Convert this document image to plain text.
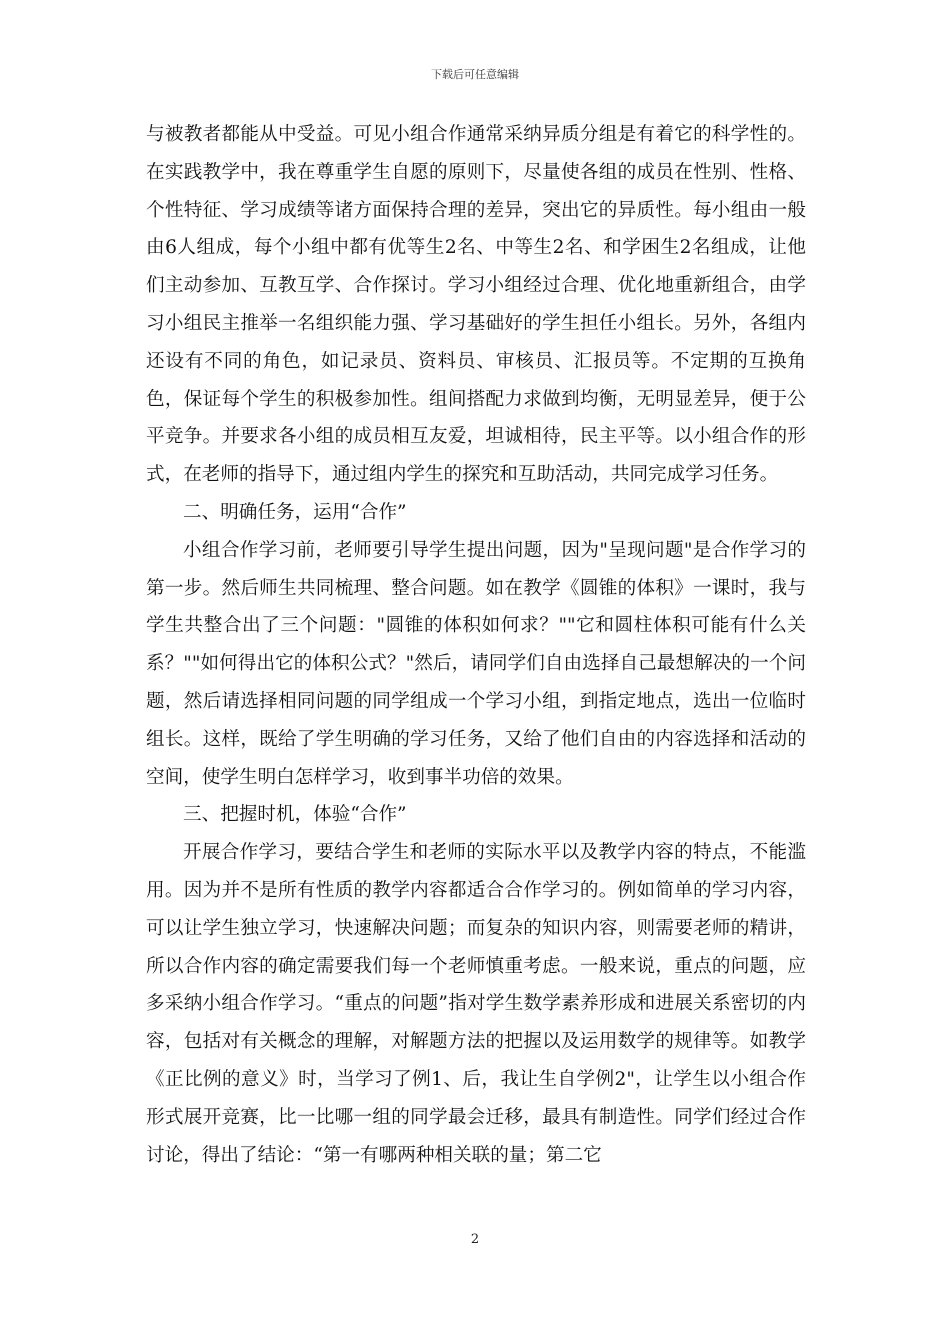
下载后可任意编辑

与被教者都能从中受益。可见小组合作通常采纳异质分组是有着它的科学性的。在实践教学中，我在尊重学生自愿的原则下，尽量使各组的成员在性别、性格、个性特征、学习成绩等诸方面保持合理的差异，突出它的异质性。每小组由一般由6人组成，每个小组中都有优等生2名、中等生2名、和学困生2名组成，让他们主动参加、互教互学、合作探讨。学习小组经过合理、优化地重新组合，由学习小组民主推举一名组织能力强、学习基础好的学生担任小组长。另外，各组内还设有不同的角色，如记录员、资料员、审核员、汇报员等。不定期的互换角色，保证每个学生的积极参加性。组间搭配力求做到均衡，无明显差异，便于公平竞争。并要求各小组的成员相互友爱，坦诚相待，民主平等。以小组合作的形式，在老师的指导下，通过组内学生的探究和互助活动，共同完成学习任务。

二、明确任务，运用“合作”

小组合作学习前，老师要引导学生提出问题，因为"呈现问题"是合作学习的第一步。然后师生共同梳理、整合问题。如在教学《圆锥的体积》一课时，我与学生共整合出了三个问题："圆锥的体积如何求？""它和圆柱体积可能有什么关系？""如何得出它的体积公式？"然后，请同学们自由选择自己最想解决的一个问题，然后请选择相同问题的同学组成一个学习小组，到指定地点，选出一位临时组长。这样，既给了学生明确的学习任务，又给了他们自由的内容选择和活动的空间，使学生明白怎样学习，收到事半功倍的效果。

三、把握时机，体验“合作”

开展合作学习，要结合学生和老师的实际水平以及教学内容的特点，不能滥用。因为并不是所有性质的教学内容都适合合作学习的。例如简单的学习内容，可以让学生独立学习，快速解决问题；而复杂的知识内容，则需要老师的精讲，所以合作内容的确定需要我们每一个老师慎重考虑。一般来说，重点的问题，应多采纳小组合作学习。“重点的问题”指对学生数学素养形成和进展关系密切的内容，包括对有关概念的理解，对解题方法的把握以及运用数学的规律等。如教学《正比例的意义》时，当学习了例1、后，我让生自学例2"，让学生以小组合作形式展开竞赛，比一比哪一组的同学最会迁移，最具有制造性。同学们经过合作讨论，得出了结论：“第一有哪两种相关联的量；第二它

2
